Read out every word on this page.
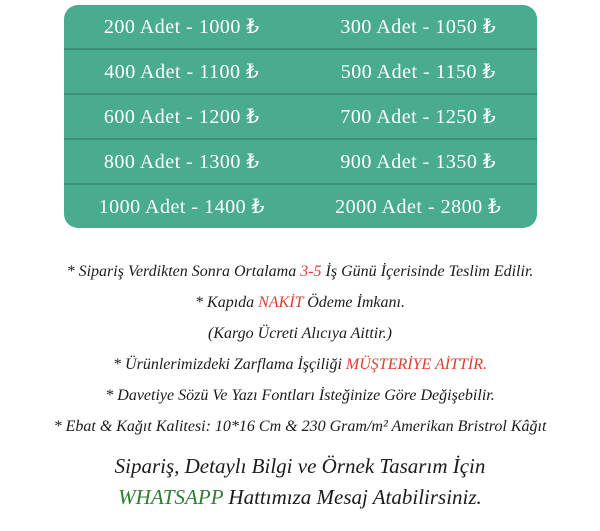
200 Adet - 1000 ₺	300 Adet - 1050 ₺
400 Adet - 1100 ₺	500 Adet - 1150 ₺
600 Adet - 1200 ₺	700 Adet - 1250 ₺
800 Adet - 1300 ₺	900 Adet - 1350 ₺
1000 Adet - 1400 ₺	2000 Adet - 2800 ₺
* Sipariş Verdikten Sonra Ortalama 3-5 İş Günü İçerisinde Teslim Edilir.
* Kapıda NAKİT Ödeme İmkanı.
(Kargo Ücreti Alıcıya Aittir.)
* Ürünlerimizdeki Zarflama İşçiliği MÜŞTERİYE AİTTİR.
* Davetiye Sözü Ve Yazı Fontları İsteğinize Göre Değişebilir.
* Ebat & Kağıt Kalitesi: 10*16 Cm & 230 Gram/m² Amerikan Bristrol Kâğıt
Sipariş, Detaylı Bilgi ve Örnek Tasarım İçin
WHATSAPP Hattımıza Mesaj Atabilirsiniz.
